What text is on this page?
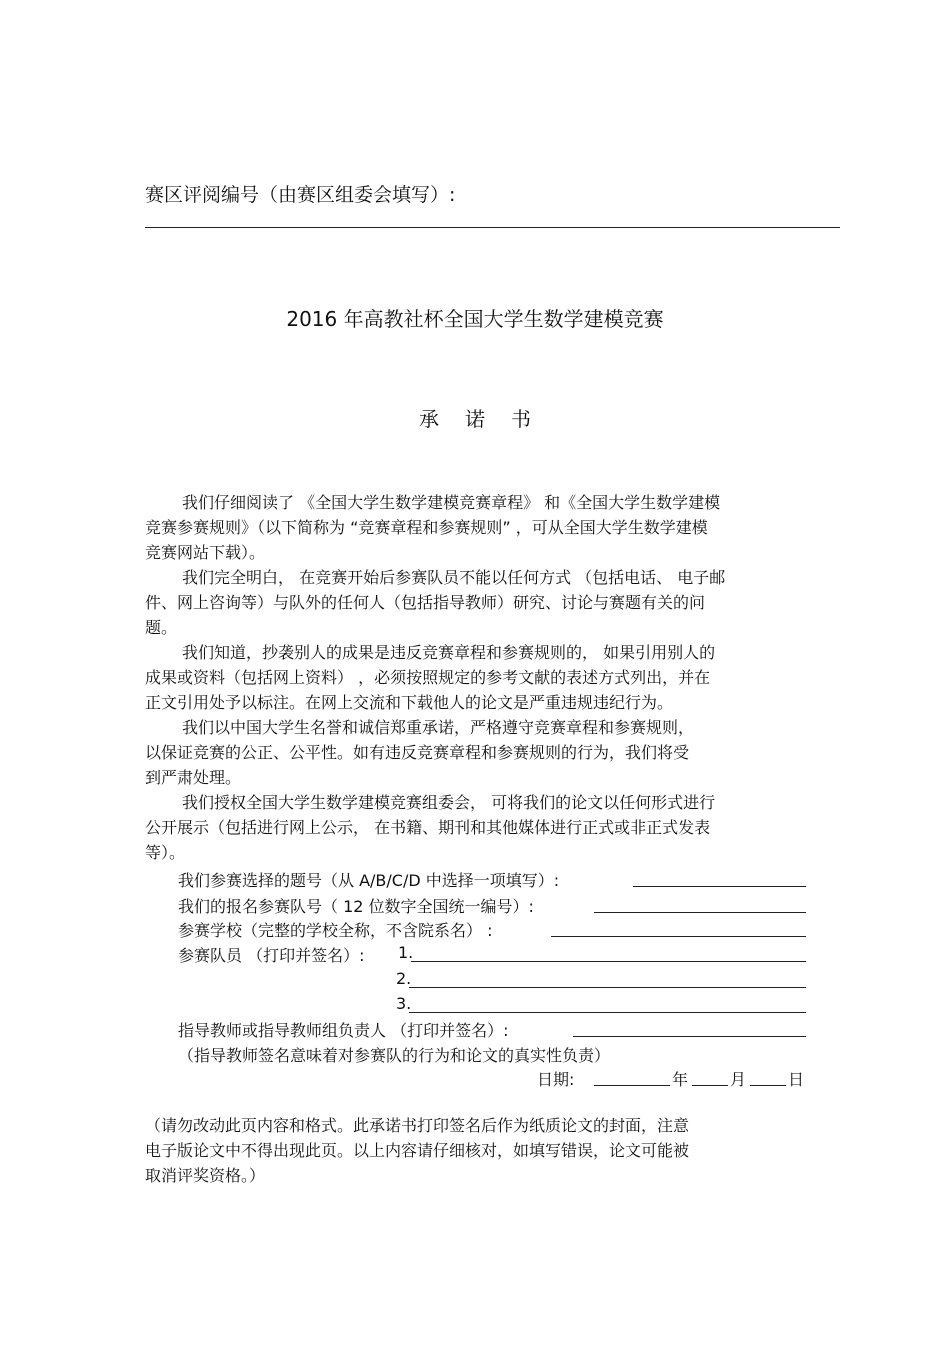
赛区评阅编号（由赛区组委会填写）:
2016 年高教社杯全国大学生数学建模竞赛
承诺书
我们仔细阅读了 《全国大学生数学建模竞赛章程》 和《全国大学生数学建模
竞赛参赛规则》（以下简称为 “竞赛章程和参赛规则” ，可从全国大学生数学建模
竞赛网站下载）。
我们完全明白， 在竞赛开始后参赛队员不能以任何方式 （包括电话、 电子邮
件、网上咨询等）与队外的任何人（包括指导教师）研究、讨论与赛题有关的问
题。
我们知道，抄袭别人的成果是违反竞赛章程和参赛规则的， 如果引用别人的
成果或资料（包括网上资料） ，必须按照规定的参考文献的表述方式列出，并在
正文引用处予以标注。在网上交流和下载他人的论文是严重违规违纪行为。
我们以中国大学生名誉和诚信郑重承诺，严格遵守竞赛章程和参赛规则，
以保证竞赛的公正、公平性。如有违反竞赛章程和参赛规则的行为，我们将受
到严肃处理。
我们授权全国大学生数学建模竞赛组委会， 可将我们的论文以任何形式进行
公开展示（包括进行网上公示， 在书籍、期刊和其他媒体进行正式或非正式发表
等）。
我们参赛选择的题号（从 A/B/C/D 中选择一项填写）:
我们的报名参赛队号（ 12 位数字全国统一编号）:
参赛学校（完整的学校全称，不含院系名） :
参赛队员 （打印并签名）: 1.
2.
3.
指导教师或指导教师组负责人 （打印并签名）:
（指导教师签名意味着对参赛队的行为和论文的真实性负责）
日期:	年	月	日
（请勿改动此页内容和格式。此承诺书打印签名后作为纸质论文的封面，注意
电子版论文中不得出现此页。以上内容请仔细核对，如填写错误，论文可能被
取消评奖资格。）
